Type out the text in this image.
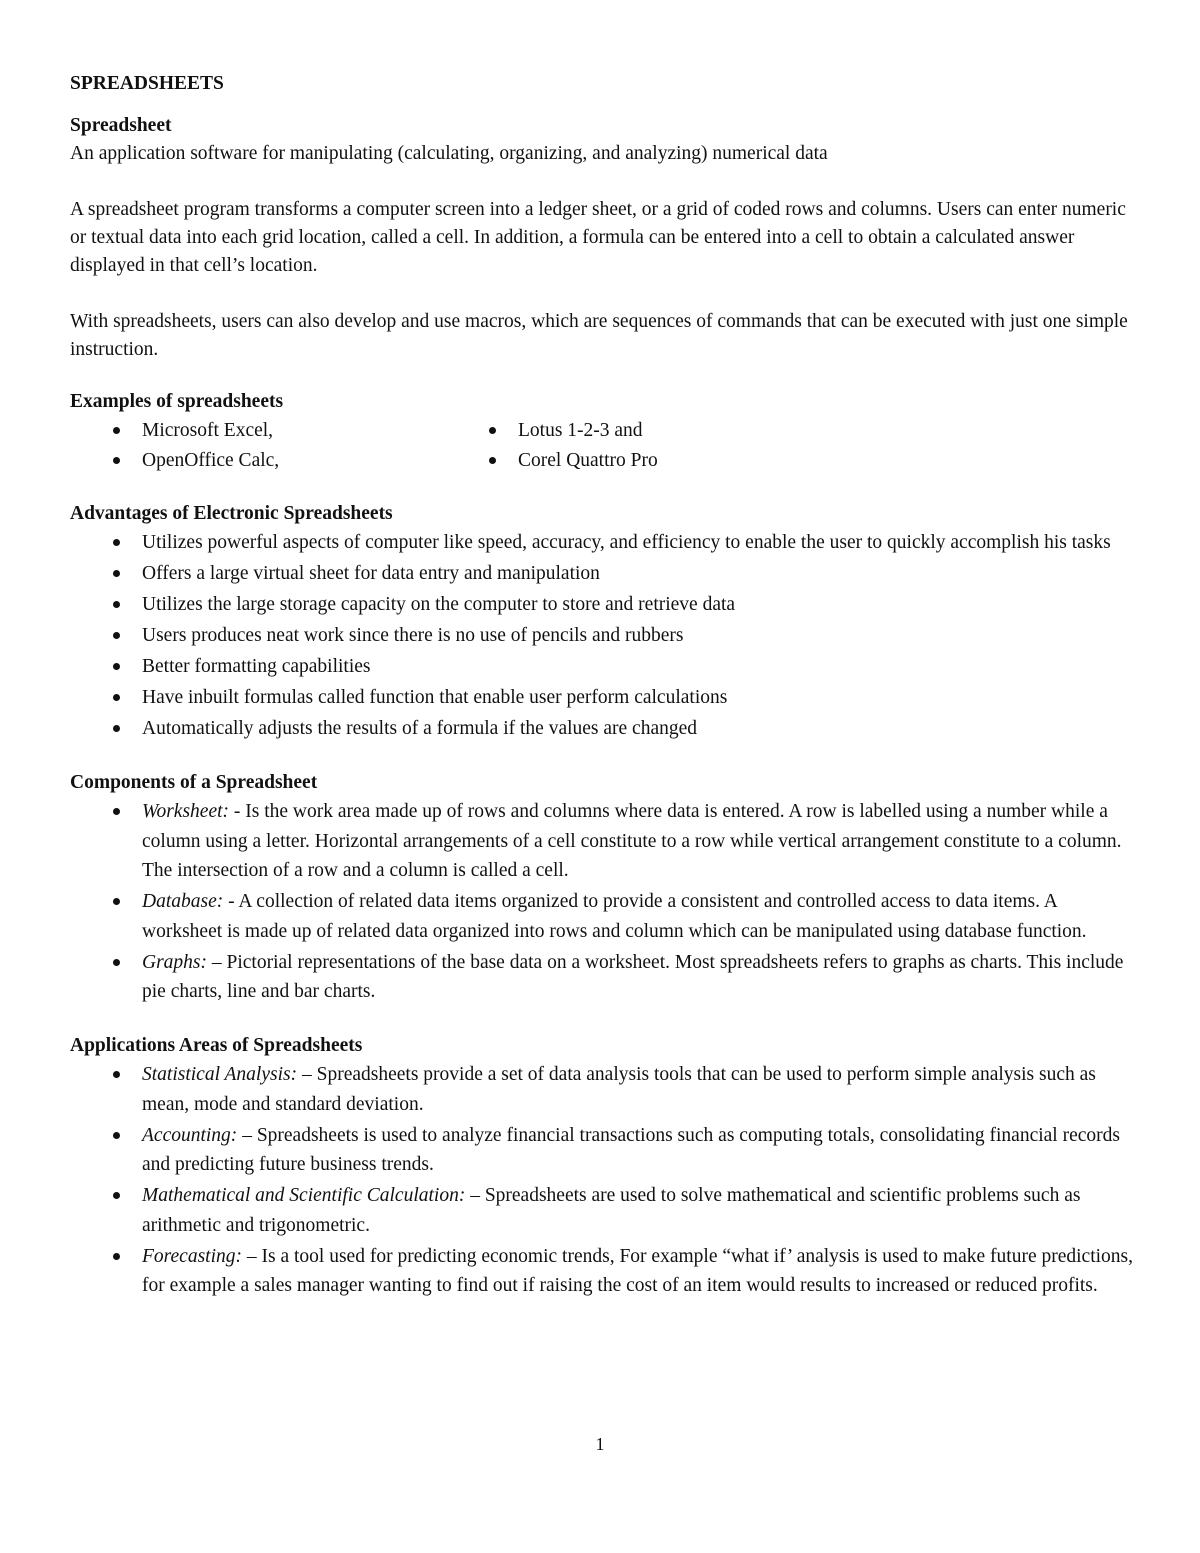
SPREADSHEETS

Spreadsheet

An application software for manipulating (calculating, organizing, and analyzing) numerical data

A spreadsheet program transforms a computer screen into a ledger sheet, or a grid of coded rows and columns. Users can enter numeric or textual data into each grid location, called a cell. In addition, a formula can be entered into a cell to obtain a calculated answer displayed in that cell’s location.

With spreadsheets, users can also develop and use macros, which are sequences of commands that can be executed with just one simple instruction.

Examples of spreadsheets

Microsoft Excel,
OpenOffice Calc,
Lotus 1-2-3 and
Corel Quattro Pro

Advantages of Electronic Spreadsheets

Utilizes powerful aspects of computer like speed, accuracy, and efficiency to enable the user to quickly accomplish his tasks
Offers a large virtual sheet for data entry and manipulation
Utilizes the large storage capacity on the computer to store and retrieve data
Users produces neat work since there is no use of pencils and rubbers
Better formatting capabilities
Have inbuilt formulas called function that enable user perform calculations
Automatically adjusts the results of a formula if the values are changed

Components of a Spreadsheet

Worksheet: - Is the work area made up of rows and columns where data is entered. A row is labelled using a number while a column using a letter. Horizontal arrangements of a cell constitute to a row while vertical arrangement constitute to a column. The intersection of a row and a column is called a cell.
Database: - A collection of related data items organized to provide a consistent and controlled access to data items. A worksheet is made up of related data organized into rows and column which can be manipulated using database function.
Graphs: – Pictorial representations of the base data on a worksheet. Most spreadsheets refers to graphs as charts. This include pie charts, line and bar charts.

Applications Areas of Spreadsheets

Statistical Analysis: – Spreadsheets provide a set of data analysis tools that can be used to perform simple analysis such as mean, mode and standard deviation.
Accounting: – Spreadsheets is used to analyze financial transactions such as computing totals, consolidating financial records and predicting future business trends.
Mathematical and Scientific Calculation: – Spreadsheets are used to solve mathematical and scientific problems such as arithmetic and trigonometric.
Forecasting: – Is a tool used for predicting economic trends, For example “what if’ analysis is used to make future predictions, for example a sales manager wanting to find out if raising the cost of an item would results to increased or reduced profits.
1
